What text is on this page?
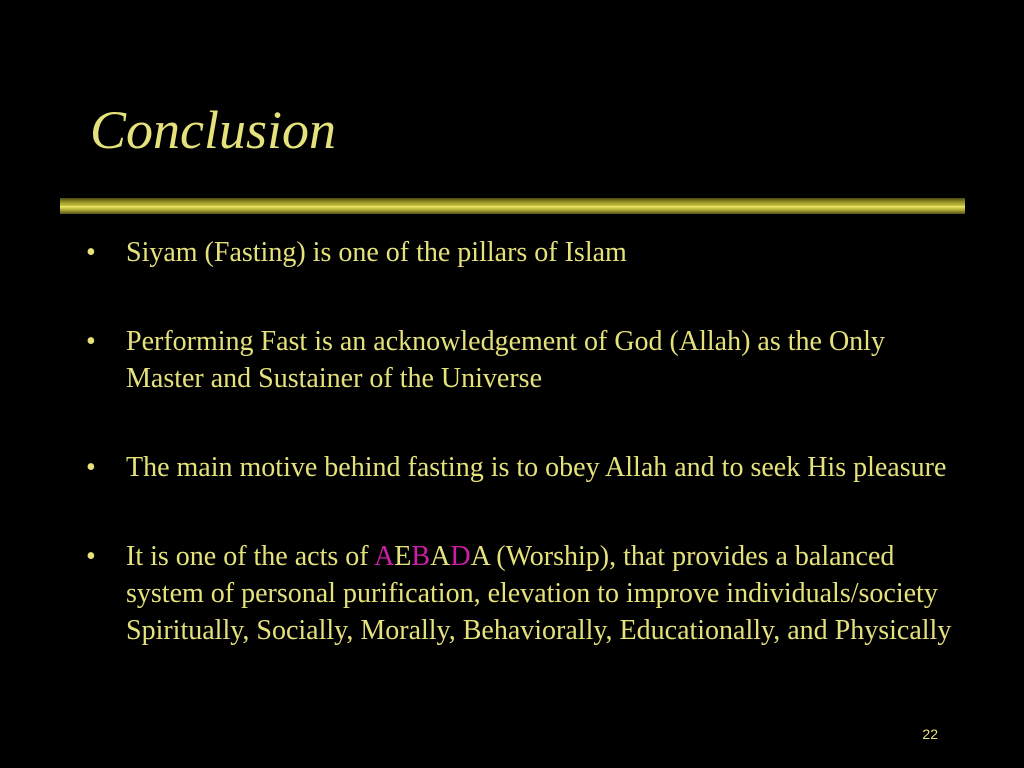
Conclusion
• Siyam (Fasting) is one of the pillars of Islam
• Performing Fast is an acknowledgement of God (Allah) as the Only Master and Sustainer of the Universe
• The main motive behind fasting is to obey Allah and to seek His pleasure
• It is one of the acts of AEBADA (Worship), that provides a balanced system of personal purification, elevation to improve individuals/society Spiritually, Socially, Morally, Behaviorally, Educationally, and Physically
22
